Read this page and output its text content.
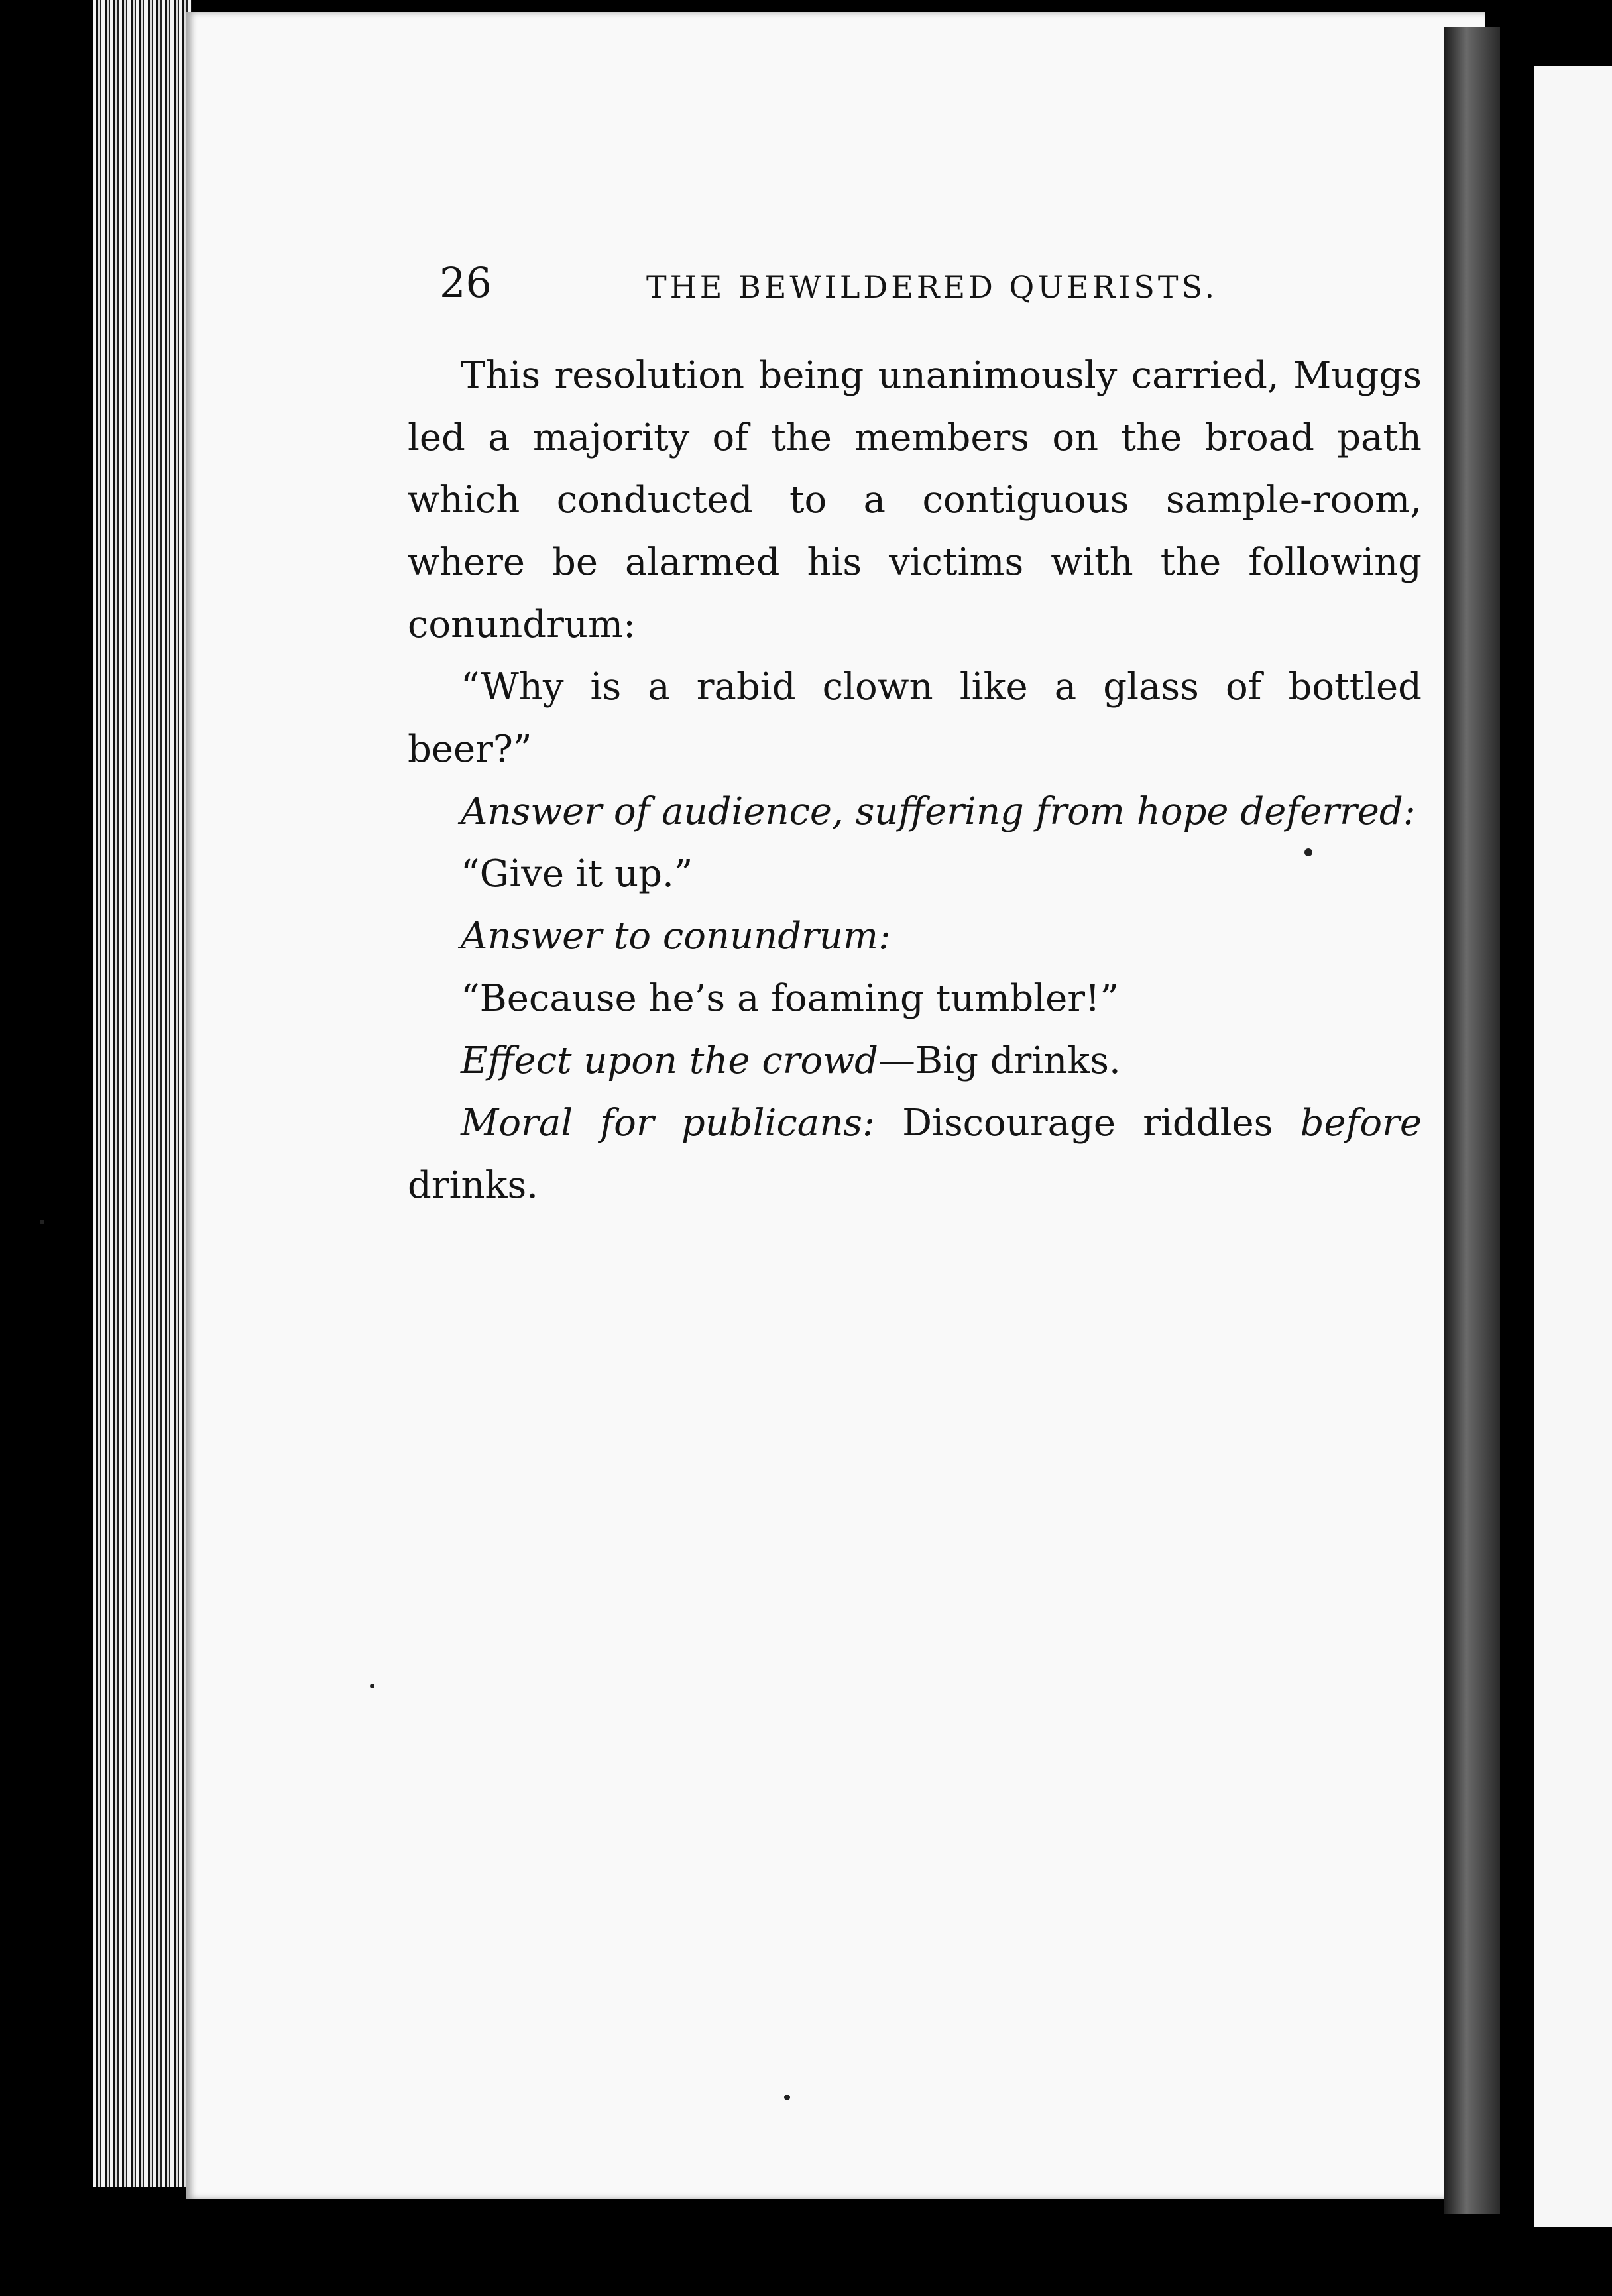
26	THE BEWILDERED QUERISTS.

This resolution being unanimously carried, Muggs led a majority of the members on the broad path which conducted to a contiguous sample-room, where be alarmed his victims with the following conundrum:

“Why is a rabid clown like a glass of bottled beer?”

Answer of audience, suffering from hope deferred:

“Give it up.”

Answer to conundrum:

“Because he’s a foaming tumbler!”

Effect upon the crowd—Big drinks.

Moral for publicans: Discourage riddles before drinks.
